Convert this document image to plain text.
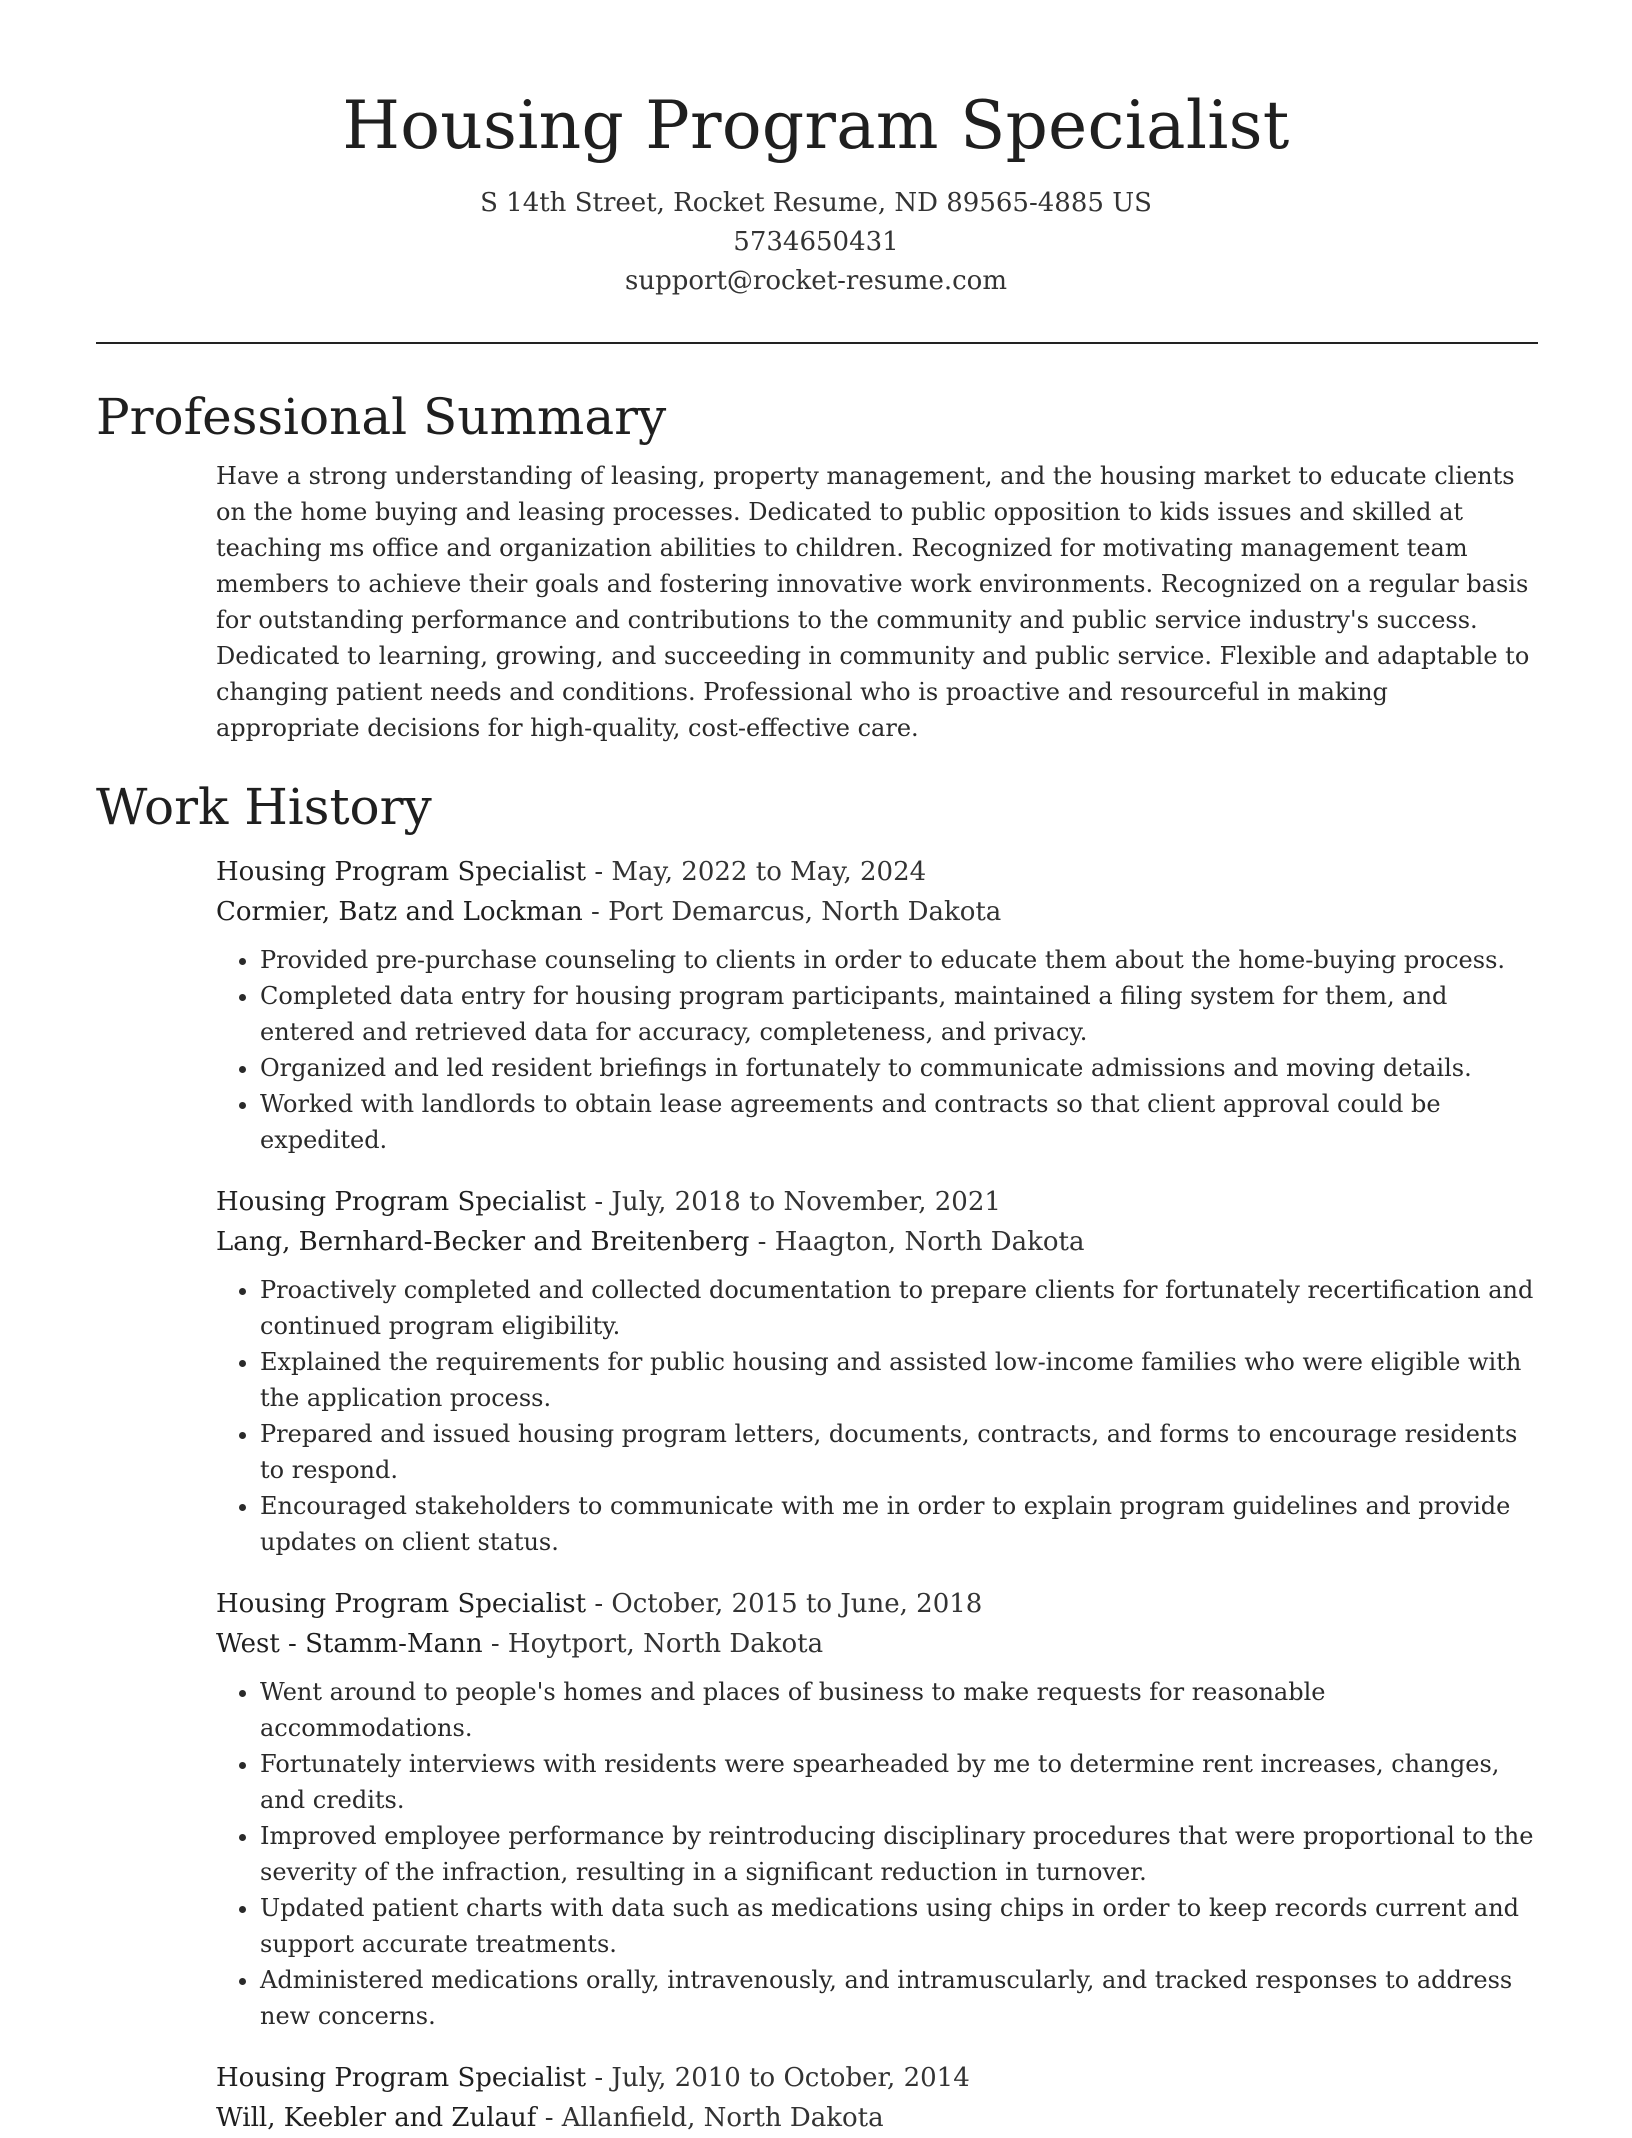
Housing Program Specialist
S 14th Street, Rocket Resume, ND 89565-4885 US
5734650431
support@rocket-resume.com
Professional Summary

Have a strong understanding of leasing, property management, and the housing market to educate clients on the home buying and leasing processes. Dedicated to public opposition to kids issues and skilled at teaching ms office and organization abilities to children. Recognized for motivating management team members to achieve their goals and fostering innovative work environments. Recognized on a regular basis for outstanding performance and contributions to the community and public service industry's success. Dedicated to learning, growing, and succeeding in community and public service. Flexible and adaptable to changing patient needs and conditions. Professional who is proactive and resourceful in making appropriate decisions for high-quality, cost-effective care.

Work History
Housing Program Specialist - May, 2022 to May, 2024
Cormier, Batz and Lockman - Port Demarcus, North Dakota
• Provided pre-purchase counseling to clients in order to educate them about the home-buying process.
• Completed data entry for housing program participants, maintained a filing system for them, and entered and retrieved data for accuracy, completeness, and privacy.
• Organized and led resident briefings in fortunately to communicate admissions and moving details.
• Worked with landlords to obtain lease agreements and contracts so that client approval could be expedited.
Housing Program Specialist - July, 2018 to November, 2021
Lang, Bernhard-Becker and Breitenberg - Haagton, North Dakota
• Proactively completed and collected documentation to prepare clients for fortunately recertification and continued program eligibility.
• Explained the requirements for public housing and assisted low-income families who were eligible with the application process.
• Prepared and issued housing program letters, documents, contracts, and forms to encourage residents to respond.
• Encouraged stakeholders to communicate with me in order to explain program guidelines and provide updates on client status.
Housing Program Specialist - October, 2015 to June, 2018
West - Stamm-Mann - Hoytport, North Dakota
• Went around to people's homes and places of business to make requests for reasonable accommodations.
• Fortunately interviews with residents were spearheaded by me to determine rent increases, changes, and credits.
• Improved employee performance by reintroducing disciplinary procedures that were proportional to the severity of the infraction, resulting in a significant reduction in turnover.
• Updated patient charts with data such as medications using chips in order to keep records current and support accurate treatments.
• Administered medications orally, intravenously, and intramuscularly, and tracked responses to address new concerns.
Housing Program Specialist - July, 2010 to October, 2014
Will, Keebler and Zulauf - Allanfield, North Dakota
